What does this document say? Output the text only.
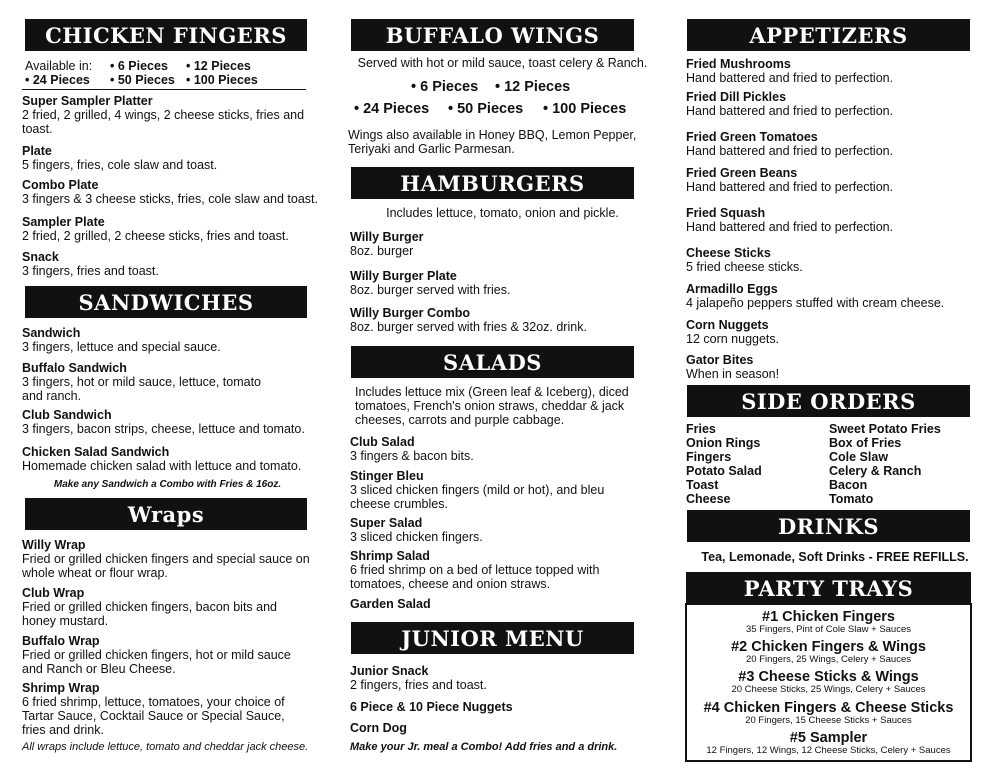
CHICKEN FINGERS
Available in:
• 24 Pieces
• 6 Pieces
• 50 Pieces
• 12 Pieces
• 100 Pieces
Super Sampler Platter
2 fried, 2 grilled, 4 wings, 2 cheese sticks, fries and toast.
Plate
5 fingers, fries, cole slaw and toast.
Combo Plate
3 fingers & 3 cheese sticks, fries, cole slaw and toast.
Sampler Plate
2 fried, 2 grilled, 2 cheese sticks, fries and toast.
Snack
3 fingers, fries and toast.
SANDWICHES
Sandwich
3 fingers, lettuce and special sauce.
Buffalo Sandwich
3 fingers, hot or mild sauce, lettuce, tomato and ranch.
Club Sandwich
3 fingers, bacon strips, cheese, lettuce and tomato.
Chicken Salad Sandwich
Homemade chicken salad with lettuce and tomato.
Make any Sandwich a Combo with Fries & 16oz.
Wraps
Willy Wrap
Fried or grilled chicken fingers and special sauce on whole wheat or flour wrap.
Club Wrap
Fried or grilled chicken fingers, bacon bits and honey mustard.
Buffalo Wrap
Fried or grilled chicken fingers, hot or mild sauce and Ranch or Bleu Cheese.
Shrimp Wrap
6 fried shrimp, lettuce, tomatoes, your choice of Tartar Sauce, Cocktail Sauce or Special Sauce, fries and drink.
All wraps include lettuce, tomato and cheddar jack cheese.
BUFFALO WINGS
Served with hot or mild sauce, toast celery & Ranch.
• 6 Pieces • 12 Pieces
• 24 Pieces • 50 Pieces • 100 Pieces
Wings also available in Honey BBQ, Lemon Pepper, Teriyaki and Garlic Parmesan.
HAMBURGERS
Includes lettuce, tomato, onion and pickle.
Willy Burger
8oz. burger
Willy Burger Plate
8oz. burger served with fries.
Willy Burger Combo
8oz. burger served with fries & 32oz. drink.
SALADS
Includes lettuce mix (Green leaf & Iceberg), diced tomatoes, French's onion straws, cheddar & jack cheeses, carrots and purple cabbage.
Club Salad
3 fingers & bacon bits.
Stinger Bleu
3 sliced chicken fingers (mild or hot), and bleu cheese crumbles.
Super Salad
3 sliced chicken fingers.
Shrimp Salad
6 fried shrimp on a bed of lettuce topped with tomatoes, cheese and onion straws.
Garden Salad
JUNIOR MENU
Junior Snack
2 fingers, fries and toast.
6 Piece & 10 Piece Nuggets
Corn Dog
Make your Jr. meal a Combo! Add fries and a drink.
APPETIZERS
Fried Mushrooms
Hand battered and fried to perfection.
Fried Dill Pickles
Hand battered and fried to perfection.
Fried Green Tomatoes
Hand battered and fried to perfection.
Fried Green Beans
Hand battered and fried to perfection.
Fried Squash
Hand battered and fried to perfection.
Cheese Sticks
5 fried cheese sticks.
Armadillo Eggs
4 jalapeño peppers stuffed with cream cheese.
Corn Nuggets
12 corn nuggets.
Gator Bites
When in season!
SIDE ORDERS
Fries
Onion Rings
Fingers
Potato Salad
Toast
Cheese
Sweet Potato Fries
Box of Fries
Cole Slaw
Celery & Ranch
Bacon
Tomato
DRINKS
Tea, Lemonade, Soft Drinks - FREE REFILLS.
PARTY TRAYS
#1 Chicken Fingers
35 Fingers, Pint of Cole Slaw + Sauces
#2 Chicken Fingers & Wings
20 Fingers, 25 Wings, Celery + Sauces
#3 Cheese Sticks & Wings
20 Cheese Sticks, 25 Wings, Celery + Sauces
#4 Chicken Fingers & Cheese Sticks
20 Fingers, 15 Cheese Sticks + Sauces
#5 Sampler
12 Fingers, 12 Wings, 12 Cheese Sticks, Celery + Sauces
